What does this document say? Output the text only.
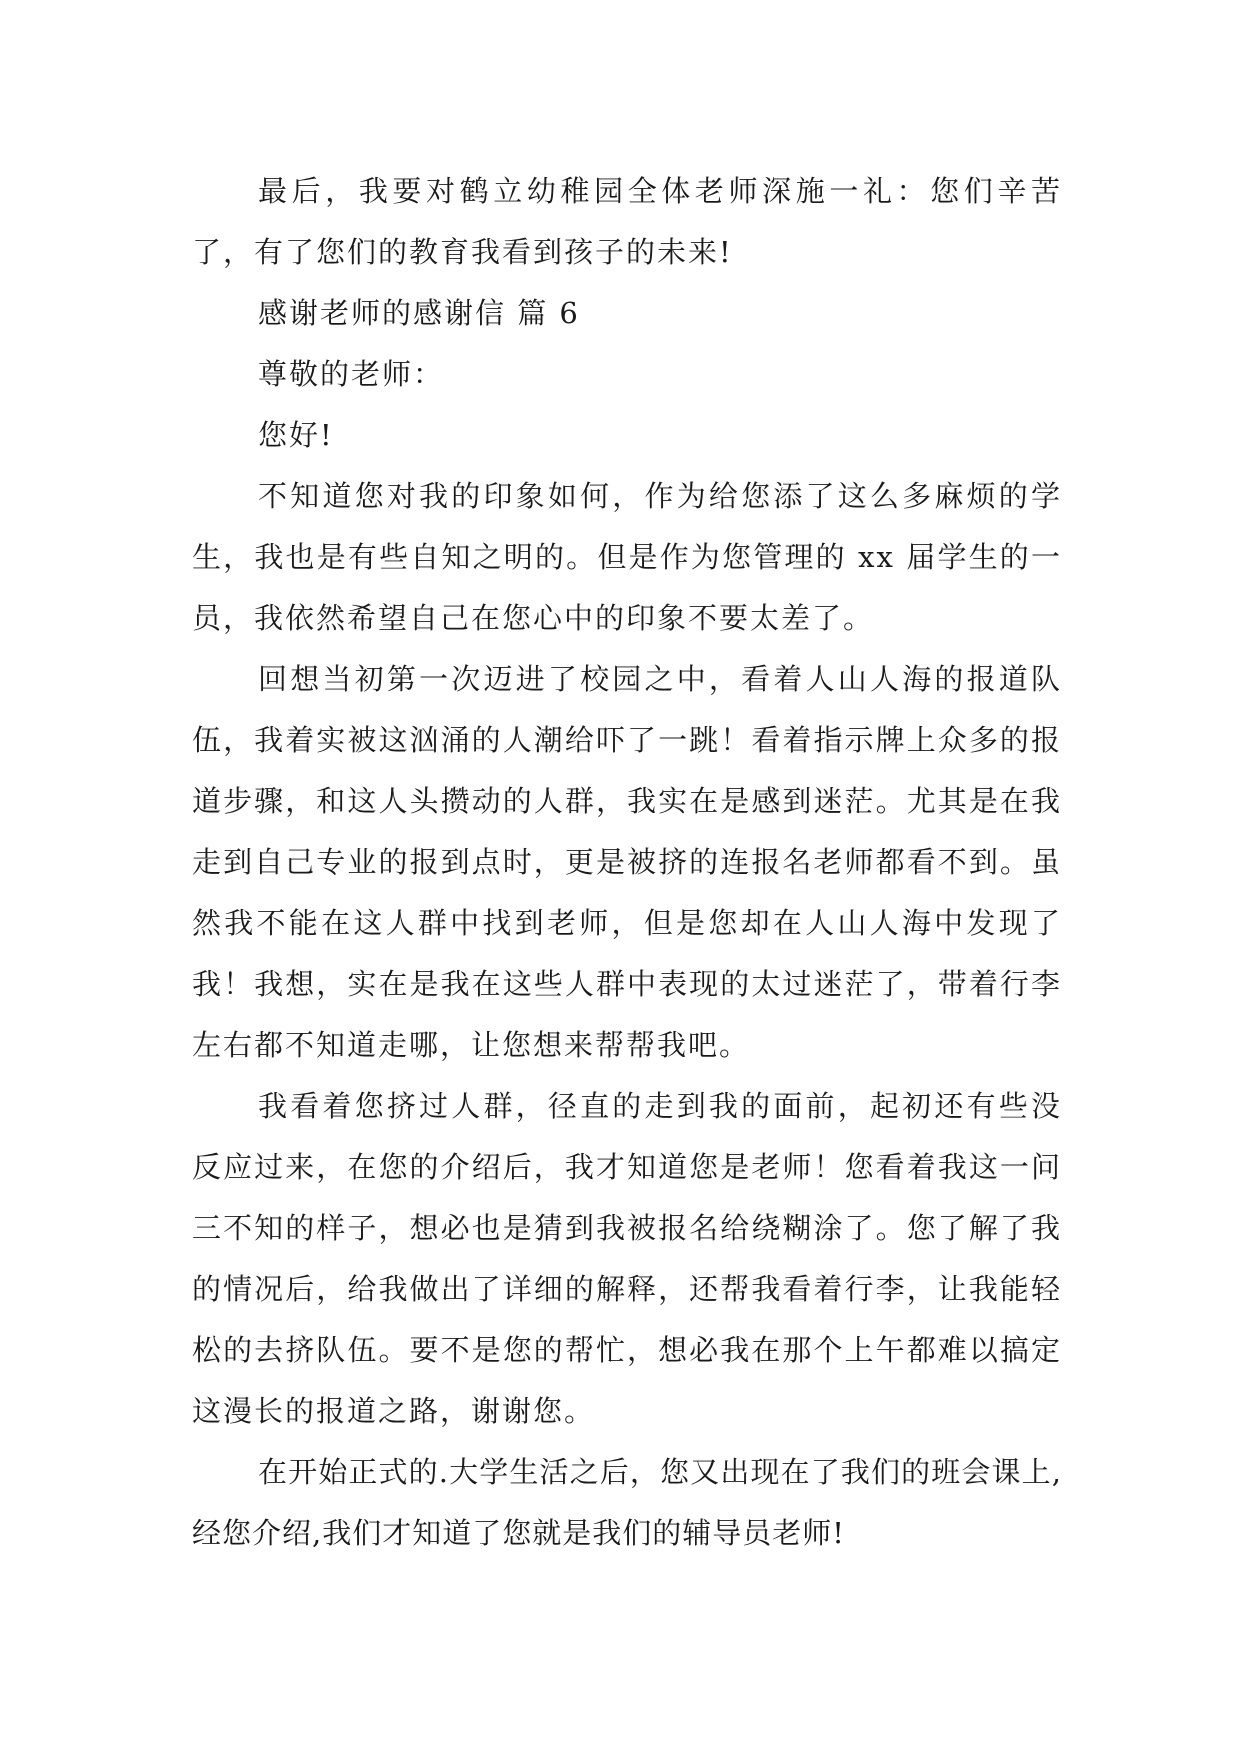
最后，我要对鹤立幼稚园全体老师深施一礼：您们辛苦了，有了您们的教育我看到孩子的未来!

感谢老师的感谢信 篇 6

尊敬的老师：

您好!

不知道您对我的印象如何，作为给您添了这么多麻烦的学生，我也是有些自知之明的。但是作为您管理的 xx 届学生的一员，我依然希望自己在您心中的印象不要太差了。

回想当初第一次迈进了校园之中，看着人山人海的报道队伍，我着实被这汹涌的人潮给吓了一跳！看着指示牌上众多的报道步骤，和这人头攒动的人群，我实在是感到迷茫。尤其是在我走到自己专业的报到点时，更是被挤的连报名老师都看不到。虽然我不能在这人群中找到老师，但是您却在人山人海中发现了我！我想，实在是我在这些人群中表现的太过迷茫了，带着行李左右都不知道走哪，让您想来帮帮我吧。

我看着您挤过人群，径直的走到我的面前，起初还有些没反应过来，在您的介绍后，我才知道您是老师！您看着我这一问三不知的样子，想必也是猜到我被报名给绕糊涂了。您了解了我的情况后，给我做出了详细的解释，还帮我看着行李，让我能轻松的去挤队伍。要不是您的帮忙，想必我在那个上午都难以搞定这漫长的报道之路，谢谢您。

在开始正式的.大学生活之后，您又出现在了我们的班会课上,经您介绍,我们才知道了您就是我们的辅导员老师!
